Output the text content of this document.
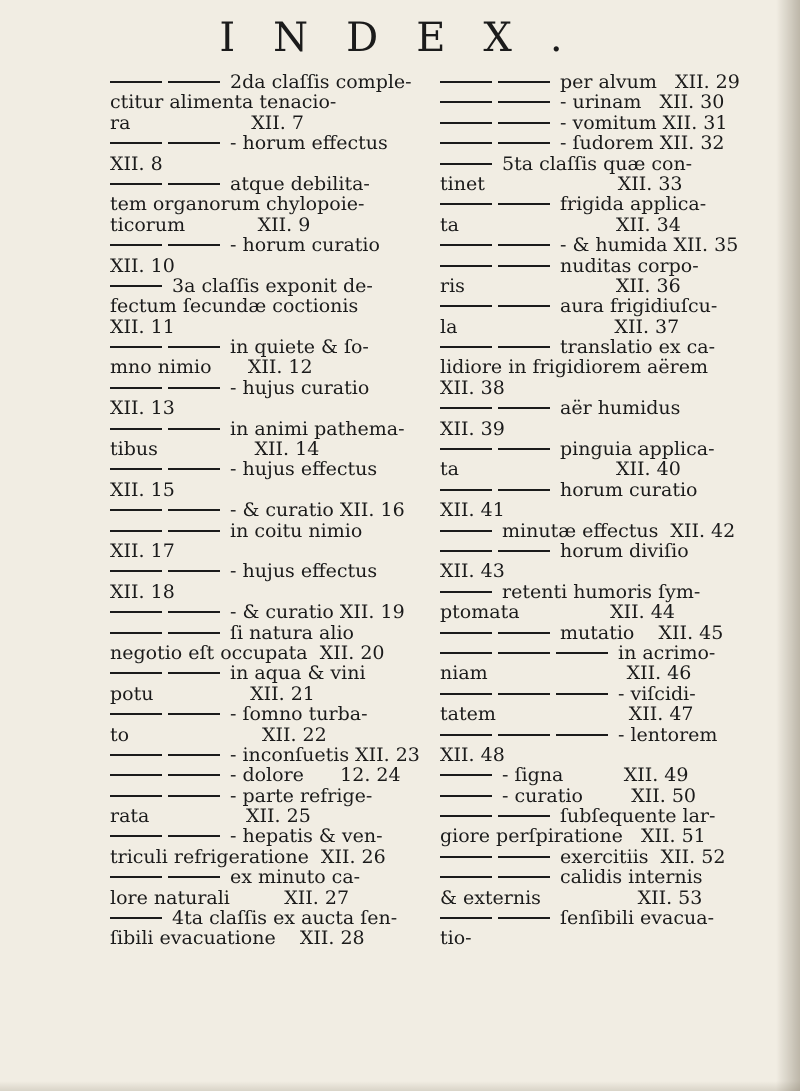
INDEX.
2da claſſis comple-
ctitur alimenta tenacio-
ra                    XII. 7
- horum effectus
XII. 8
atque debilita-
tem organorum chylopoie-
ticorum            XII. 9
- horum curatio
XII. 10
3a claſſis exponit de-
fectum ſecundæ coctionis
XII. 11
in quiete & ſo-
mno nimio      XII. 12
- hujus curatio
XII. 13
in animi pathema-
tibus                XII. 14
- hujus effectus
XII. 15
- & curatio XII. 16
in coitu nimio
XII. 17
- hujus effectus
XII. 18
- & curatio XII. 19
ſi natura alio
negotio eſt occupata  XII. 20
in aqua & vini
potu                XII. 21
- ſomno turba-
to                      XII. 22
- inconſuetis XII. 23
- dolore      12. 24
- parte refrige-
rata                XII. 25
- hepatis & ven-
triculi refrigeratione  XII. 26
ex minuto ca-
lore naturali         XII. 27
4ta claſſis ex aucta ſen-
ſibili evacuatione    XII. 28
per alvum   XII. 29
- urinam   XII. 30
- vomitum XII. 31
- ſudorem XII. 32
5ta claſſis quæ con-
tinet                      XII. 33
frigida applica-
ta                          XII. 34
- & humida XII. 35
nuditas corpo-
ris                         XII. 36
aura frigidiuſcu-
la                          XII. 37
translatio ex ca-
lidiore in frigidiorem aërem
XII. 38
aër humidus
XII. 39
pinguia applica-
ta                          XII. 40
horum curatio
XII. 41
minutæ effectus  XII. 42
horum diviſio
XII. 43
retenti humoris ſym-
ptomata               XII. 44
mutatio    XII. 45
in acrimo-
niam                       XII. 46
- viſcidi-
tatem                      XII. 47
- lentorem
XII. 48
- ſigna          XII. 49
- curatio        XII. 50
ſubſequente lar-
giore perſpiratione   XII. 51
exercitiis  XII. 52
calidis internis
& externis                XII. 53
ſenſibili evacua-
tio-
